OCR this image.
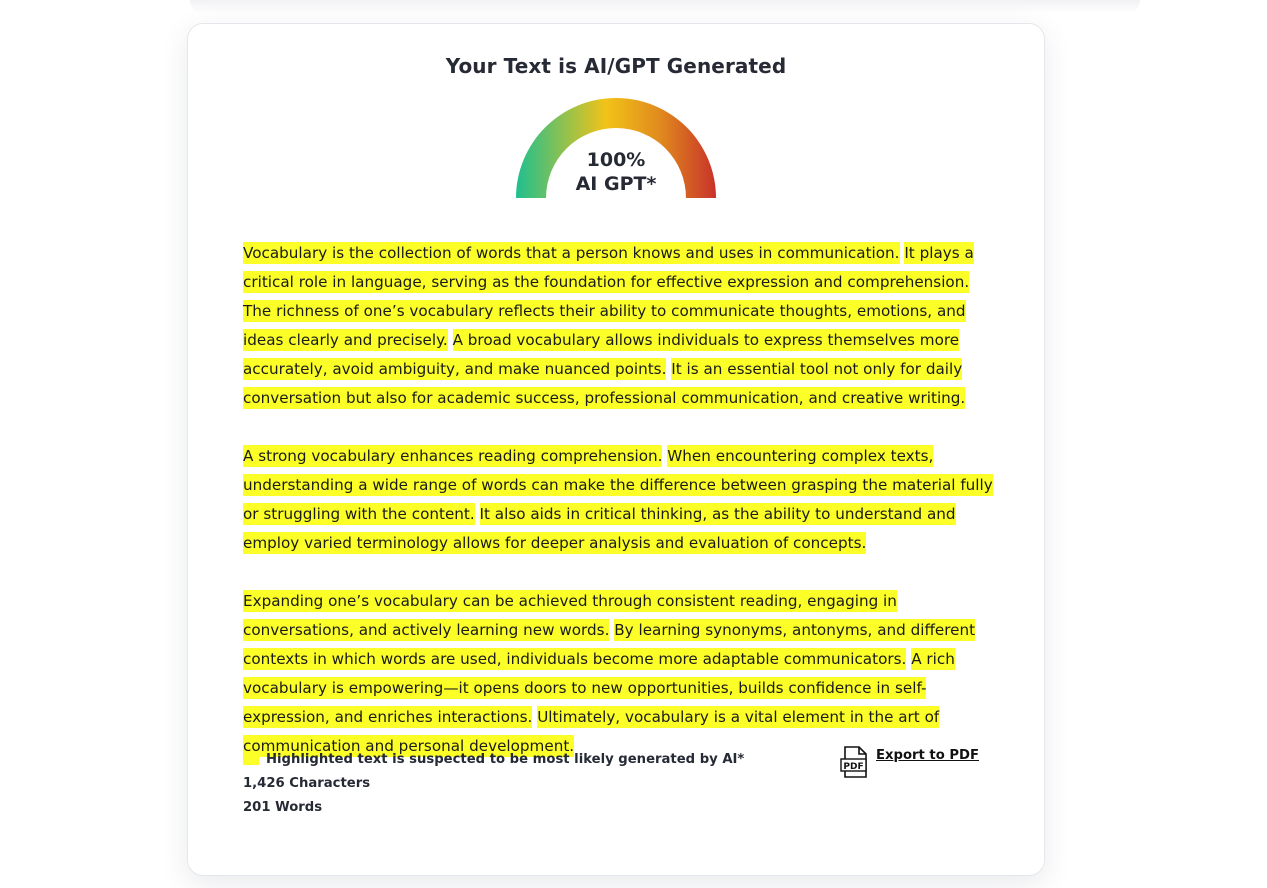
Your Text is AI/GPT Generated
100%
AI GPT*

Vocabulary is the collection of words that a person knows and uses in communication. It plays a critical role in language, serving as the foundation for effective expression and comprehension. The richness of one’s vocabulary reflects their ability to communicate thoughts, emotions, and ideas clearly and precisely. A broad vocabulary allows individuals to express themselves more accurately, avoid ambiguity, and make nuanced points. It is an essential tool not only for daily conversation but also for academic success, professional communication, and creative writing.

A strong vocabulary enhances reading comprehension. When encountering complex texts, understanding a wide range of words can make the difference between grasping the material fully or struggling with the content. It also aids in critical thinking, as the ability to understand and employ varied terminology allows for deeper analysis and evaluation of concepts.

Expanding one’s vocabulary can be achieved through consistent reading, engaging in conversations, and actively learning new words. By learning synonyms, antonyms, and different contexts in which words are used, individuals become more adaptable communicators. A rich vocabulary is empowering—it opens doors to new opportunities, builds confidence in self-expression, and enriches interactions. Ultimately, vocabulary is a vital element in the art of communication and personal development.

Highlighted text is suspected to be most likely generated by AI*
1,426 Characters
201 Words
PDF
Export to PDF
